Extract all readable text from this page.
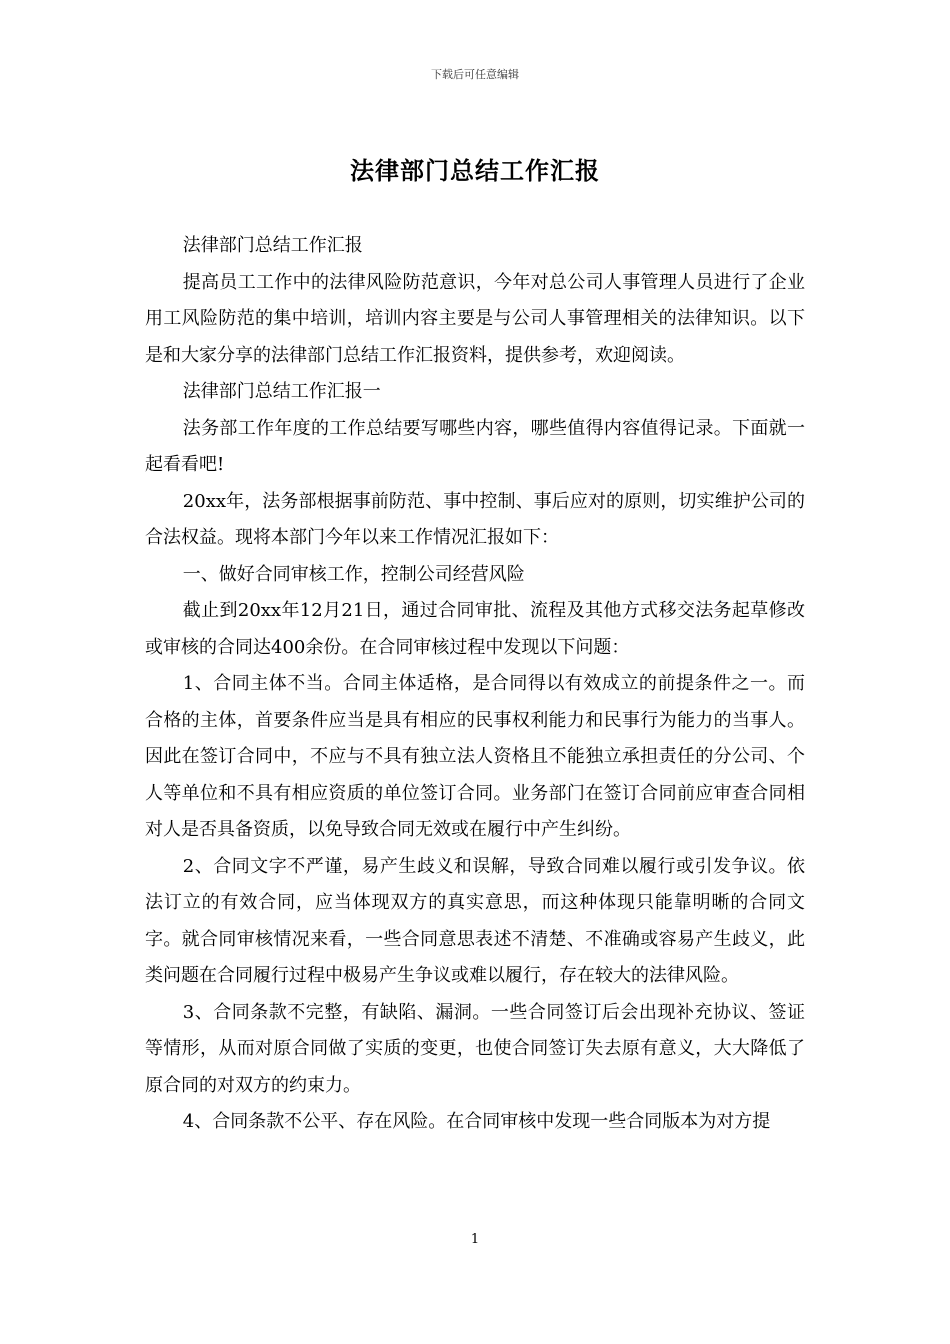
下载后可任意编辑
法律部门总结工作汇报

法律部门总结工作汇报

提高员工工作中的法律风险防范意识，今年对总公司人事管理人员进行了企业用工风险防范的集中培训，培训内容主要是与公司人事管理相关的法律知识。以下是和大家分享的法律部门总结工作汇报资料，提供参考，欢迎阅读。

法律部门总结工作汇报一

法务部工作年度的工作总结要写哪些内容，哪些值得内容值得记录。下面就一起看看吧!

20xx年，法务部根据事前防范、事中控制、事后应对的原则，切实维护公司的合法权益。现将本部门今年以来工作情况汇报如下：

一、做好合同审核工作，控制公司经营风险

截止到20xx年12月21日，通过合同审批、流程及其他方式移交法务起草修改或审核的合同达400余份。在合同审核过程中发现以下问题：

1、合同主体不当。合同主体适格，是合同得以有效成立的前提条件之一。而合格的主体，首要条件应当是具有相应的民事权利能力和民事行为能力的当事人。因此在签订合同中，不应与不具有独立法人资格且不能独立承担责任的分公司、个人等单位和不具有相应资质的单位签订合同。业务部门在签订合同前应审查合同相对人是否具备资质，以免导致合同无效或在履行中产生纠纷。

2、合同文字不严谨，易产生歧义和误解，导致合同难以履行或引发争议。依法订立的有效合同，应当体现双方的真实意思，而这种体现只能靠明晰的合同文字。就合同审核情况来看，一些合同意思表述不清楚、不准确或容易产生歧义，此类问题在合同履行过程中极易产生争议或难以履行，存在较大的法律风险。

3、合同条款不完整，有缺陷、漏洞。一些合同签订后会出现补充协议、签证等情形，从而对原合同做了实质的变更，也使合同签订失去原有意义，大大降低了原合同的对双方的约束力。

4、合同条款不公平、存在风险。在合同审核中发现一些合同版本为对方提

1
